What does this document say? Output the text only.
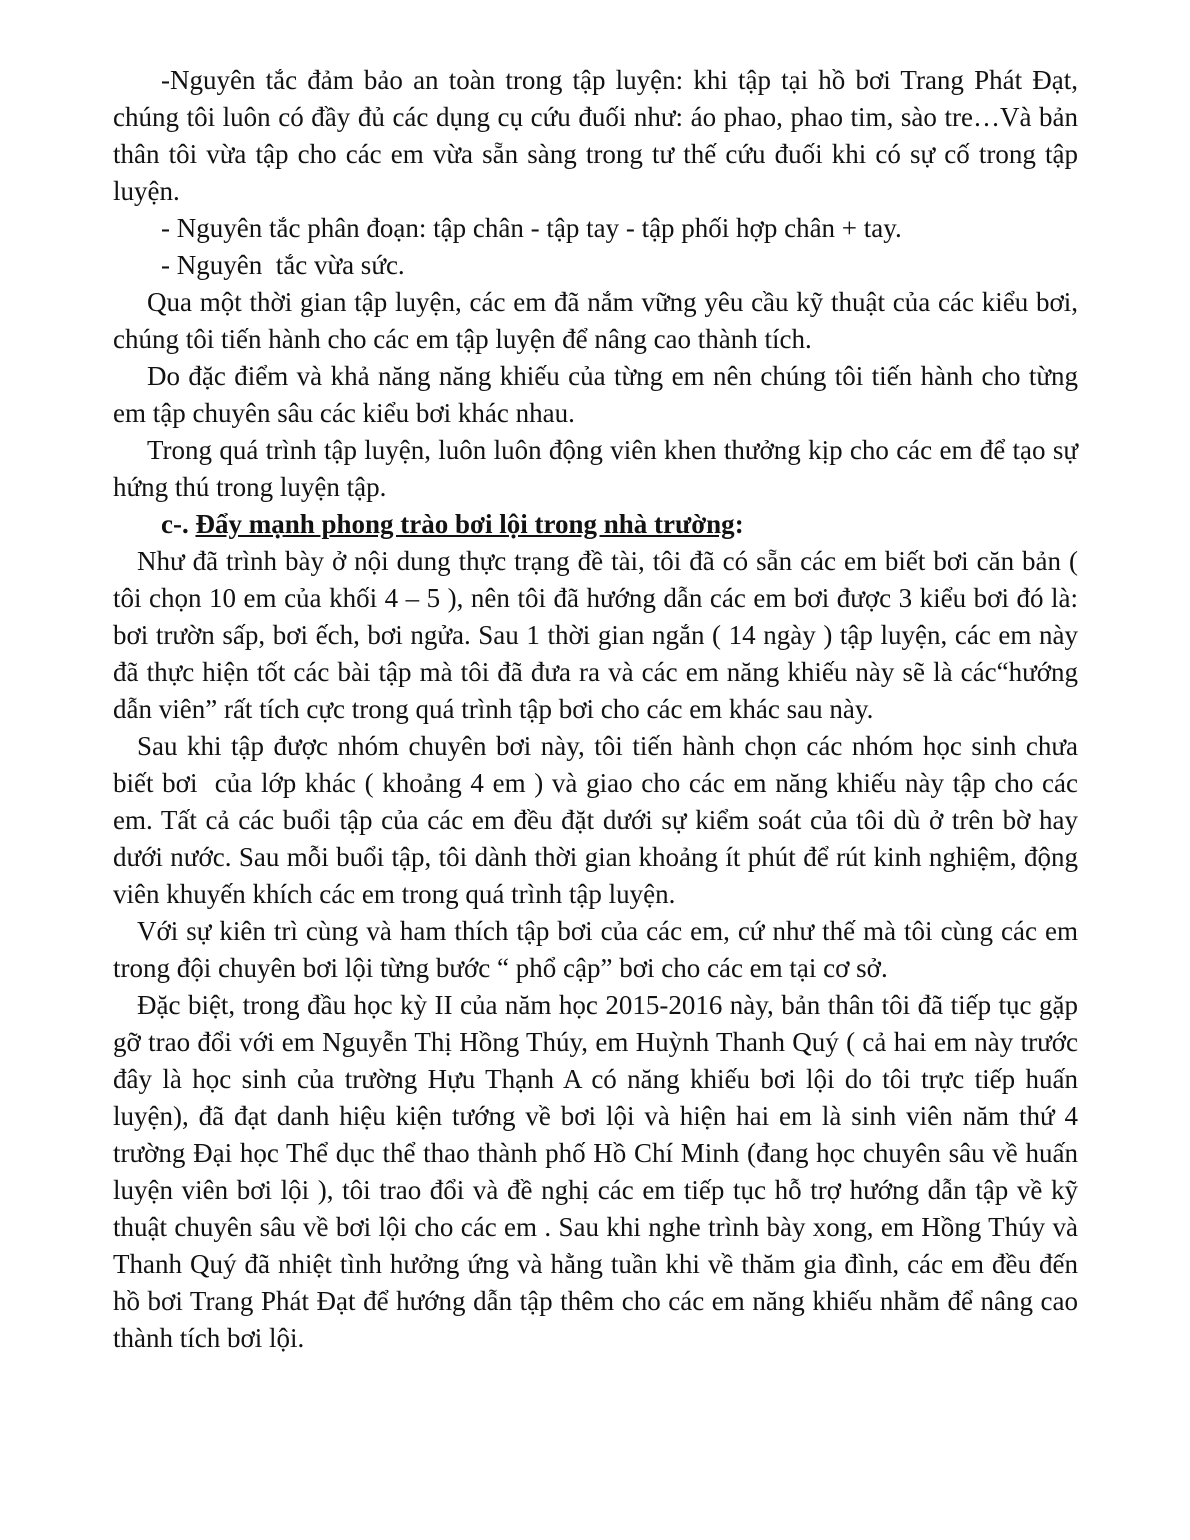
-Nguyên tắc đảm bảo an toàn trong tập luyện: khi tập tại hồ bơi Trang Phát Đạt, chúng tôi luôn có đầy đủ các dụng cụ cứu đuối như: áo phao, phao tim, sào tre…Và bản thân tôi vừa tập cho các em vừa sẵn sàng trong tư thế cứu đuối khi có sự cố trong tập luyện.

- Nguyên tắc phân đoạn: tập chân - tập tay - tập phối hợp chân + tay.

- Nguyên  tắc vừa sức.

Qua một thời gian tập luyện, các em đã nắm vững yêu cầu kỹ thuật của các kiểu bơi, chúng tôi tiến hành cho các em tập luyện để nâng cao thành tích.

Do đặc điểm và khả năng năng khiếu của từng em nên chúng tôi tiến hành cho từng em tập chuyên sâu các kiểu bơi khác nhau.

Trong quá trình tập luyện, luôn luôn động viên khen thưởng kịp cho các em để tạo sự hứng thú trong luyện tập.

c-. Đẩy mạnh phong trào bơi lội trong nhà trường:

Như đã trình bày ở nội dung thực trạng đề tài, tôi đã có sẵn các em biết bơi căn bản ( tôi chọn 10 em của khối 4 – 5 ), nên tôi đã hướng dẫn các em bơi được 3 kiểu bơi đó là: bơi trườn sấp, bơi ếch, bơi ngửa. Sau 1 thời gian ngắn ( 14 ngày ) tập luyện, các em này đã thực hiện tốt các bài tập mà tôi đã đưa ra và các em năng khiếu này sẽ là các“hướng dẫn viên” rất tích cực trong quá trình tập bơi cho các em khác sau này.

Sau khi tập được nhóm chuyên bơi này, tôi tiến hành chọn các nhóm học sinh chưa biết bơi  của lớp khác ( khoảng 4 em ) và giao cho các em năng khiếu này tập cho các em. Tất cả các buổi tập của các em đều đặt dưới sự kiểm soát của tôi dù ở trên bờ hay dưới nước. Sau mỗi buổi tập, tôi dành thời gian khoảng ít phút để rút kinh nghiệm, động viên khuyến khích các em trong quá trình tập luyện.

Với sự kiên trì cùng và ham thích tập bơi của các em, cứ như thế mà tôi cùng các em trong đội chuyên bơi lội từng bước “ phổ cập” bơi cho các em tại cơ sở.

Đặc biệt, trong đầu học kỳ II của năm học 2015-2016 này, bản thân tôi đã tiếp tục gặp gỡ trao đổi với em Nguyễn Thị Hồng Thúy, em Huỳnh Thanh Quý ( cả hai em này trước đây là học sinh của trường Hựu Thạnh A có năng khiếu bơi lội do tôi trực tiếp huấn luyện), đã đạt danh hiệu kiện tướng về bơi lội và hiện hai em là sinh viên năm thứ 4 trường Đại học Thể dục thể thao thành phố Hồ Chí Minh (đang học chuyên sâu về huấn luyện viên bơi lội ), tôi trao đổi và đề nghị các em tiếp tục hỗ trợ hướng dẫn tập về kỹ thuật chuyên sâu về bơi lội cho các em . Sau khi nghe trình bày xong, em Hồng Thúy và Thanh Quý đã nhiệt tình hưởng ứng và hằng tuần khi về thăm gia đình, các em đều đến hồ bơi Trang Phát Đạt để hướng dẫn tập thêm cho các em năng khiếu nhằm để nâng cao thành tích bơi lội.
